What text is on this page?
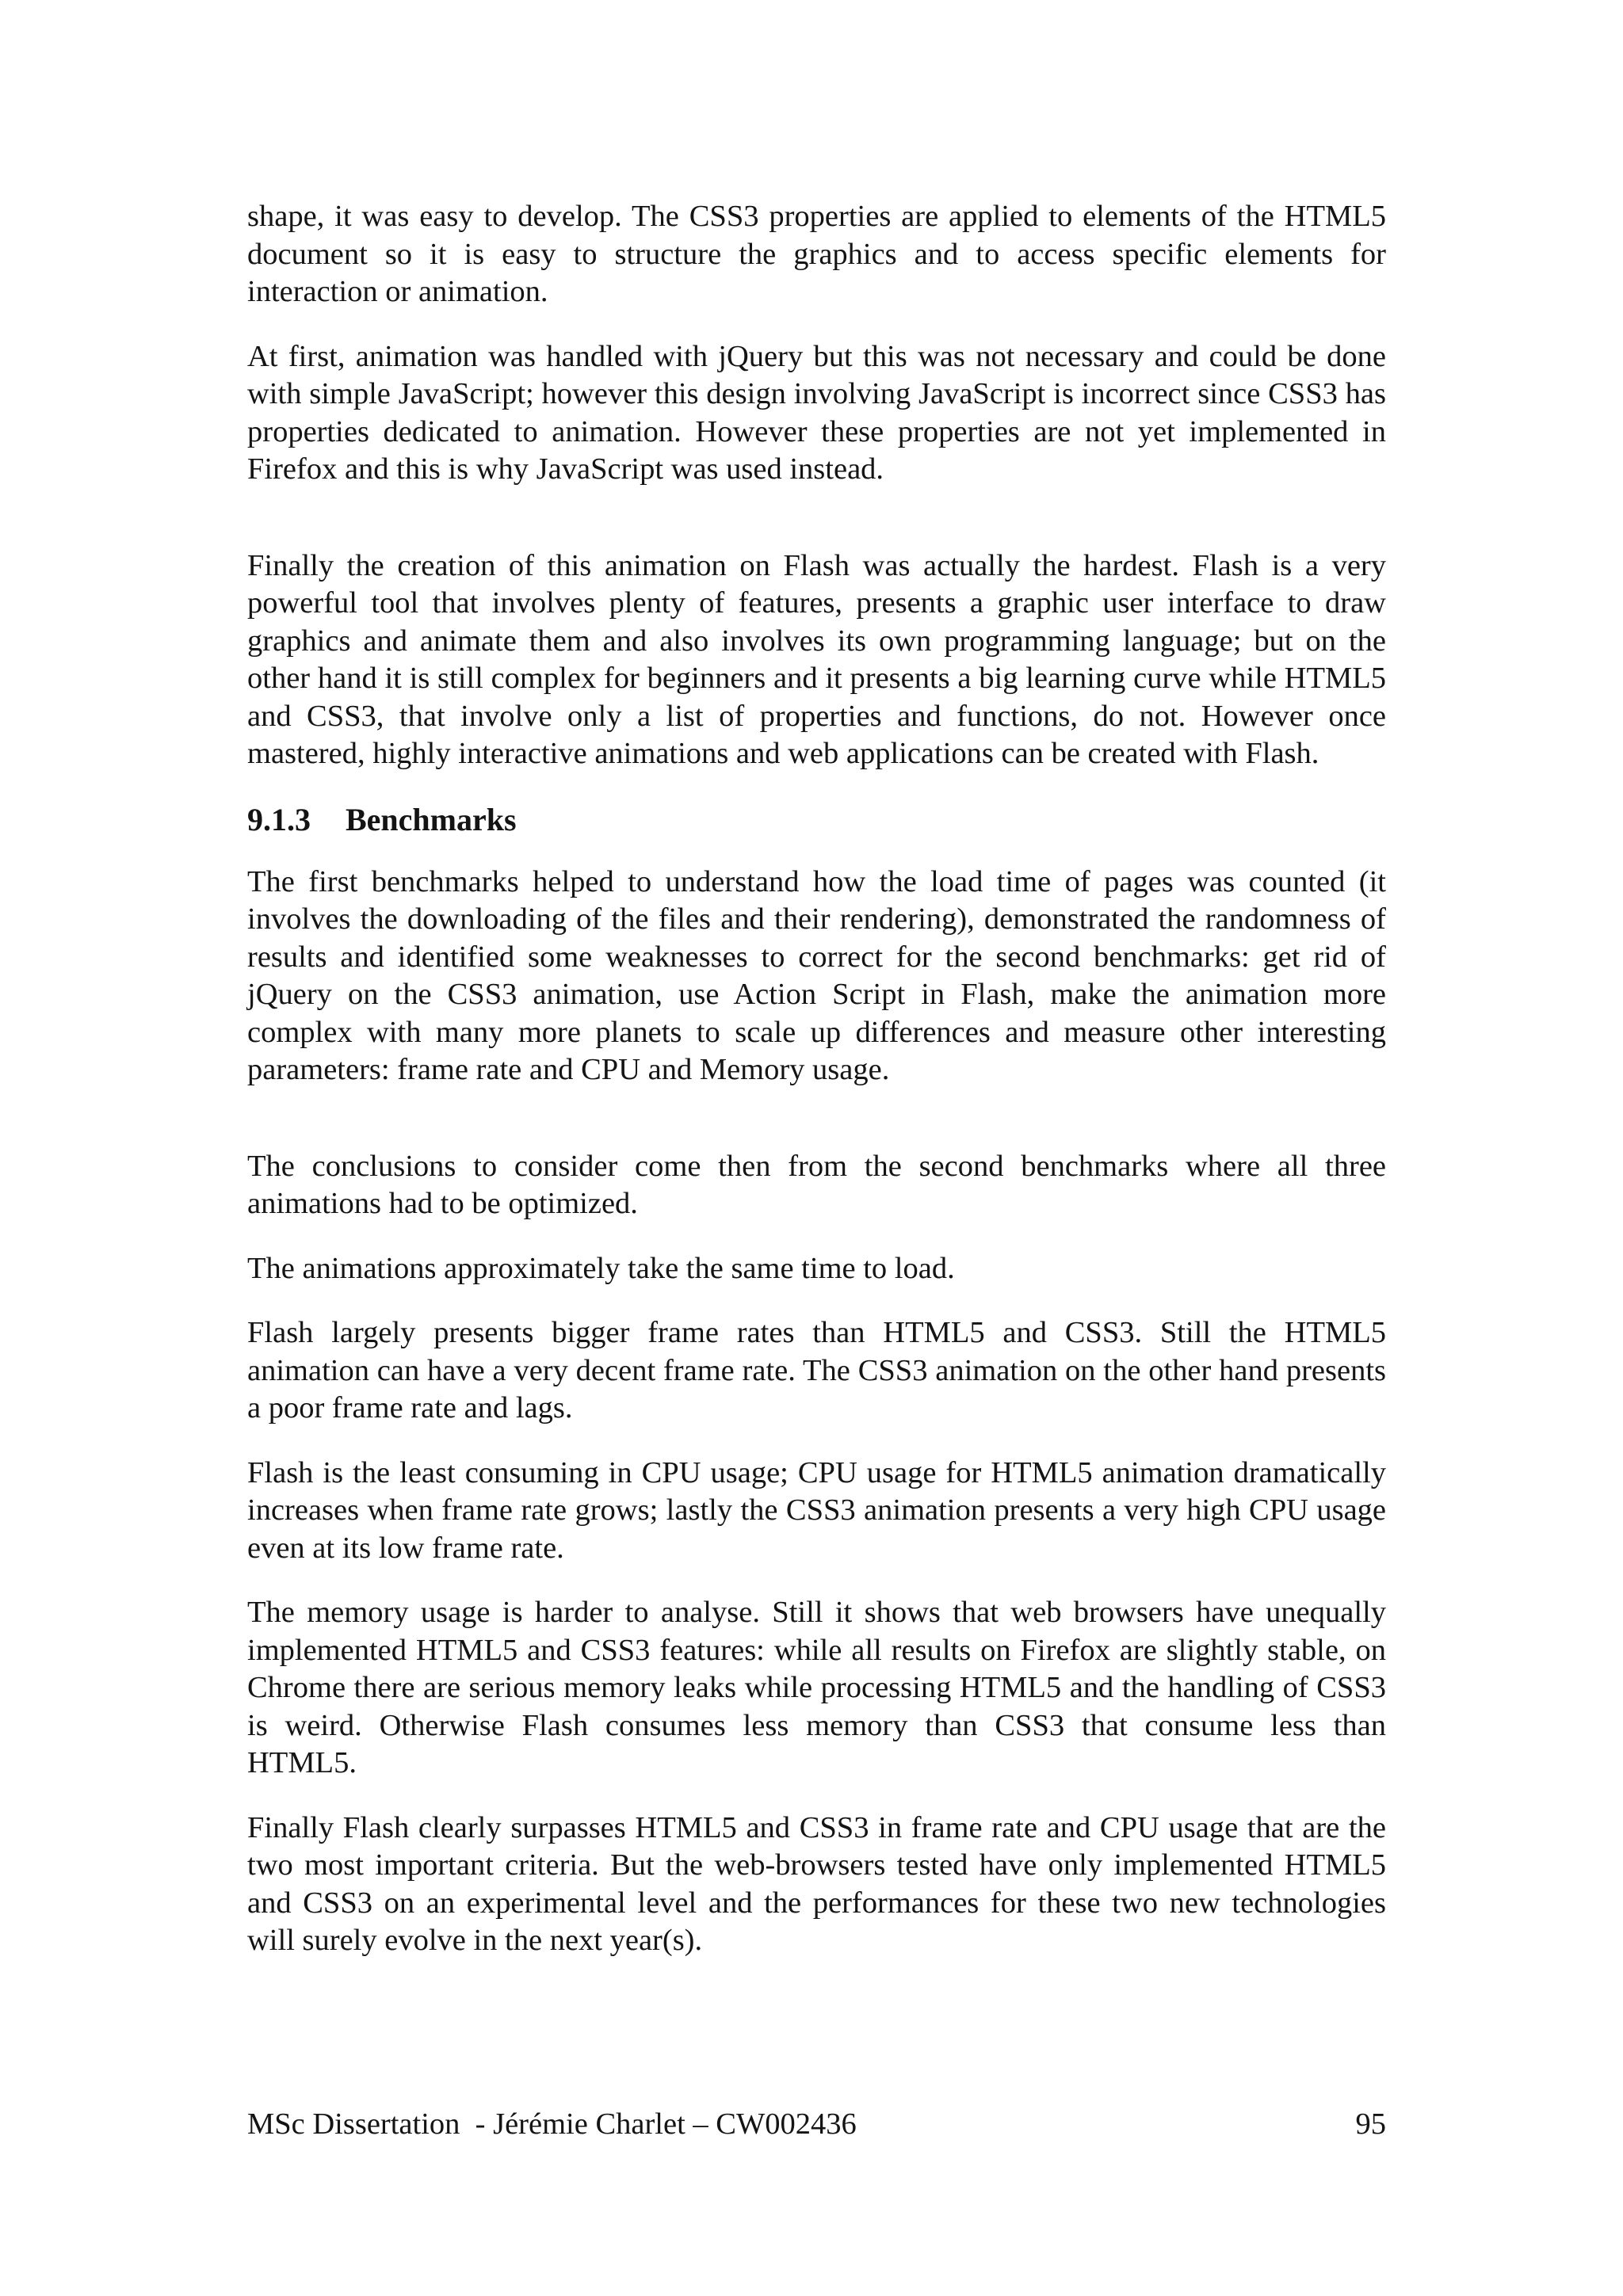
shape, it was easy to develop. The CSS3 properties are applied to elements of the HTML5 document so it is easy to structure the graphics and to access specific elements for interaction or animation.

At first, animation was handled with jQuery but this was not necessary and could be done with simple JavaScript; however this design involving JavaScript is incorrect since CSS3 has properties dedicated to animation. However these properties are not yet implemented in Firefox and this is why JavaScript was used instead.

Finally the creation of this animation on Flash was actually the hardest. Flash is a very powerful tool that involves plenty of features, presents a graphic user interface to draw graphics and animate them and also involves its own programming language; but on the other hand it is still complex for beginners and it presents a big learning curve while HTML5 and CSS3, that involve only a list of properties and functions, do not. However once mastered, highly interactive animations and web applications can be created with Flash.

9.1.3	Benchmarks

The first benchmarks helped to understand how the load time of pages was counted (it involves the downloading of the files and their rendering), demonstrated the randomness of results and identified some weaknesses to correct for the second benchmarks: get rid of jQuery on the CSS3 animation, use Action Script in Flash, make the animation more complex with many more planets to scale up differences and measure other interesting parameters: frame rate and CPU and Memory usage.

The conclusions to consider come then from the second benchmarks where all three animations had to be optimized.

The animations approximately take the same time to load.

Flash largely presents bigger frame rates than HTML5 and CSS3. Still the HTML5 animation can have a very decent frame rate. The CSS3 animation on the other hand presents a poor frame rate and lags.

Flash is the least consuming in CPU usage; CPU usage for HTML5 animation dramatically increases when frame rate grows; lastly the CSS3 animation presents a very high CPU usage even at its low frame rate.

The memory usage is harder to analyse. Still it shows that web browsers have unequally implemented HTML5 and CSS3 features: while all results on Firefox are slightly stable, on Chrome there are serious memory leaks while processing HTML5 and the handling of CSS3 is weird. Otherwise Flash consumes less memory than CSS3 that consume less than HTML5.

Finally Flash clearly surpasses HTML5 and CSS3 in frame rate and CPU usage that are the two most important criteria. But the web-browsers tested have only implemented HTML5 and CSS3 on an experimental level and the performances for these two new technologies will surely evolve in the next year(s).

MSc Dissertation  - Jérémie Charlet – CW002436	95
